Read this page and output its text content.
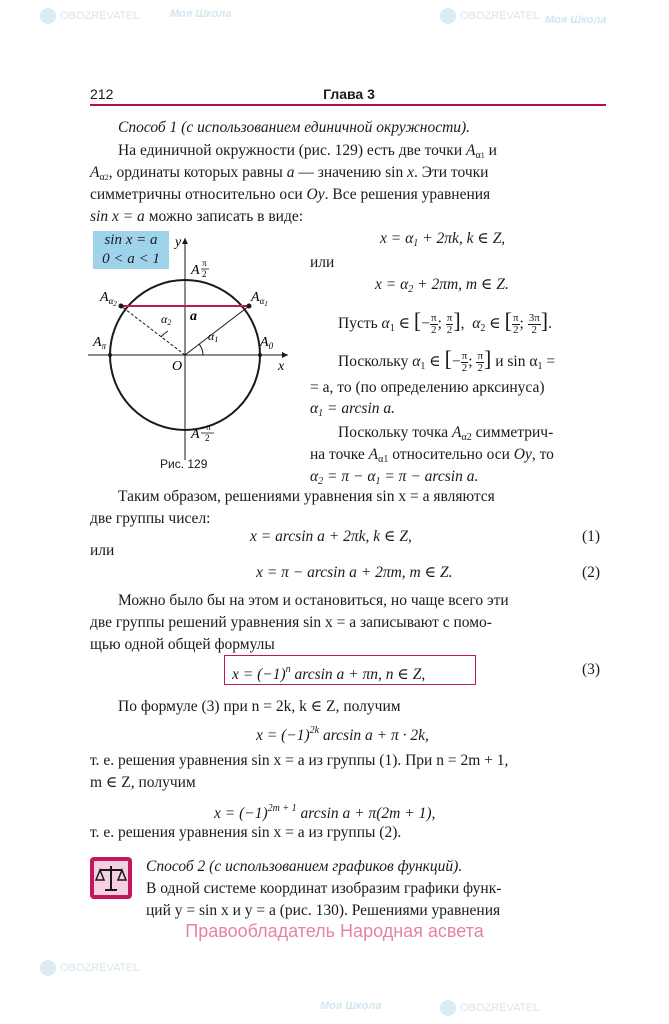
OBOZREVATEL	Моя Школа	OBOZREVATEL Моя Школа
OBOZREVATEL
Моя Школа	OBOZREVATEL
212	Глава 3
Способ 1 (с использованием единичной окружности).
На единичной окружности (рис. 129) есть две точки $A_{\alpha 1}$ и
$A_{\alpha 2}$, ординаты которых равны a — значению sin x. Эти точки
симметричны относительно оси Oy. Все решения уравнения
sin x = a можно записать в виде:
sin x = a
0 < a < 1
y
x
O
a
$A_\pi$	$A_0$
$A_\alpha 1$
$A_\alpha 2$
α1
α2
A π
2
A −π
2
Рис. 129
$x = \alpha_1 + 2\pi k$, k ∈ Z,
или
$x = \alpha_2 + 2\pi m$, m ∈ Z.
Пусть $\alpha_1$ ∈ [− $\frac{\pi}{2}$ ; $\frac{\pi}{2}$ ],  $\alpha_2$ ∈ [ $\frac{\pi}{2}$ ; $\frac{3\pi}{2}$ ].
Поскольку $\alpha_1$ ∈ [− $\frac{\pi}{2}$ ; $\frac{\pi}{2}$ ] и $\sin \alpha_1$ =
= a, то (по определению арксинуса)
$\alpha_1 = \arcsin a$.
Поскольку точка $A_{\alpha 2}$ симметрич-
на точке $A_{\alpha 1}$ относительно оси Oy, то
$\alpha_2 = \pi - \alpha_1 = \pi - \arcsin a$.
Таким образом, решениями уравнения sin x = a являются
две группы чисел:
x = arcsin a + 2πk, k ∈ Z,	(1)
или
x = π − arcsin a + 2πm, m ∈ Z.	(2)
Можно было бы на этом и остановиться, но чаще всего эти
две группы решений уравнения sin x = a записывают с помо-
щью одной общей формулы
$x = (-1)^n$ arcsin a + πn, n ∈ Z,	(3)
По формуле (3) при n = 2k, k ∈ Z, получим
$x = (-1)^{2k}$ arcsin a + π · 2k,
т. е. решения уравнения sin x = a из группы (1). При n = 2m + 1,
m ∈ Z, получим
$x = (-1)^{2m + 1}$ arcsin a + π(2m + 1),
т. е. решения уравнения sin x = a из группы (2).
Способ 2 (с использованием графиков функций).
В одной системе координат изобразим графики функ-
ций y = sin x и y = a (рис. 130). Решениями уравнения
Правообладатель Народная асвета
